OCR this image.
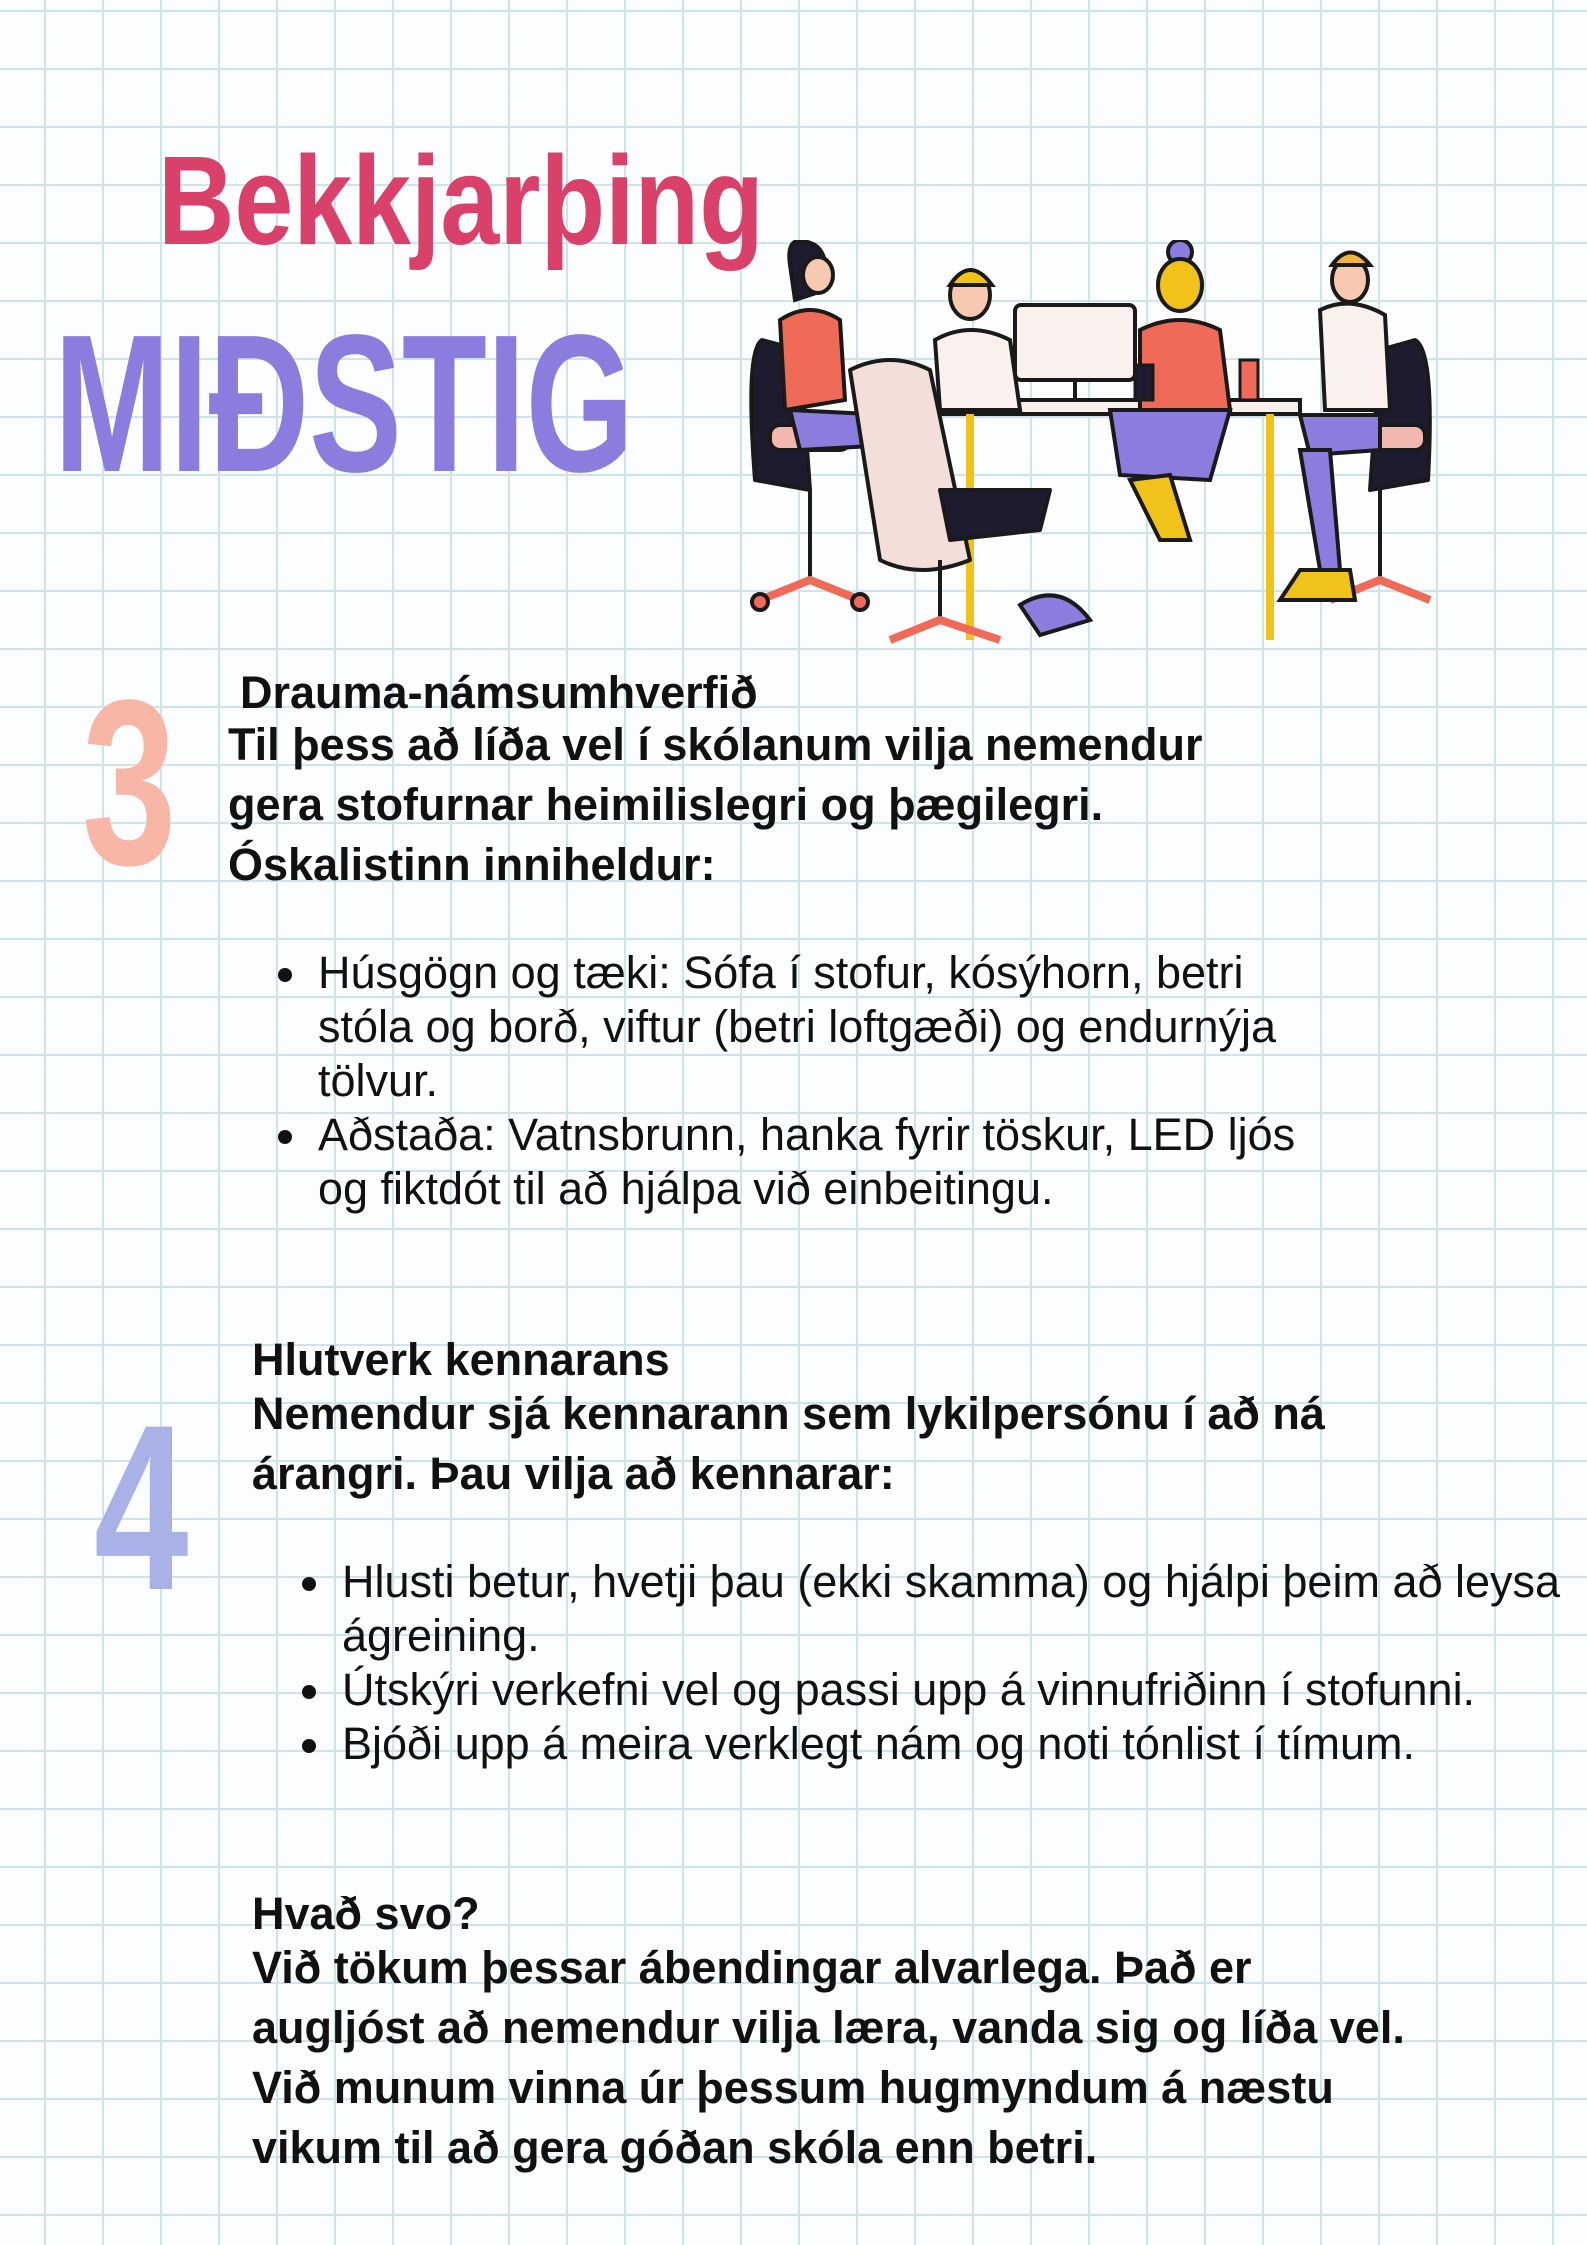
Bekkjarþing
MIÐSTIG
3 Drauma-námsumhverfið
Til þess að líða vel í skólanum vilja nemendur gera stofurnar heimilislegri og þægilegri. Óskalistinn inniheldur:
• Húsgögn og tæki: Sófa í stofur, kósýhorn, betri stóla og borð, viftur (betri loftgæði) og endurnýja tölvur.
• Aðstaða: Vatnsbrunn, hanka fyrir töskur, LED ljós og fiktdót til að hjálpa við einbeitingu.
4
Hlutverk kennarans
Nemendur sjá kennarann sem lykilpersónu í að ná árangri. Þau vilja að kennarar:
• Hlusti betur, hvetji þau (ekki skamma) og hjálpi þeim að leysa ágreining.
• Útskýri verkefni vel og passi upp á vinnufriðinn í stofunni.
• Bjóði upp á meira verklegt nám og noti tónlist í tímum.
Hvað svo?
Við tökum þessar ábendingar alvarlega. Það er augljóst að nemendur vilja læra, vanda sig og líða vel. Við munum vinna úr þessum hugmyndum á næstu vikum til að gera góðan skóla enn betri.
